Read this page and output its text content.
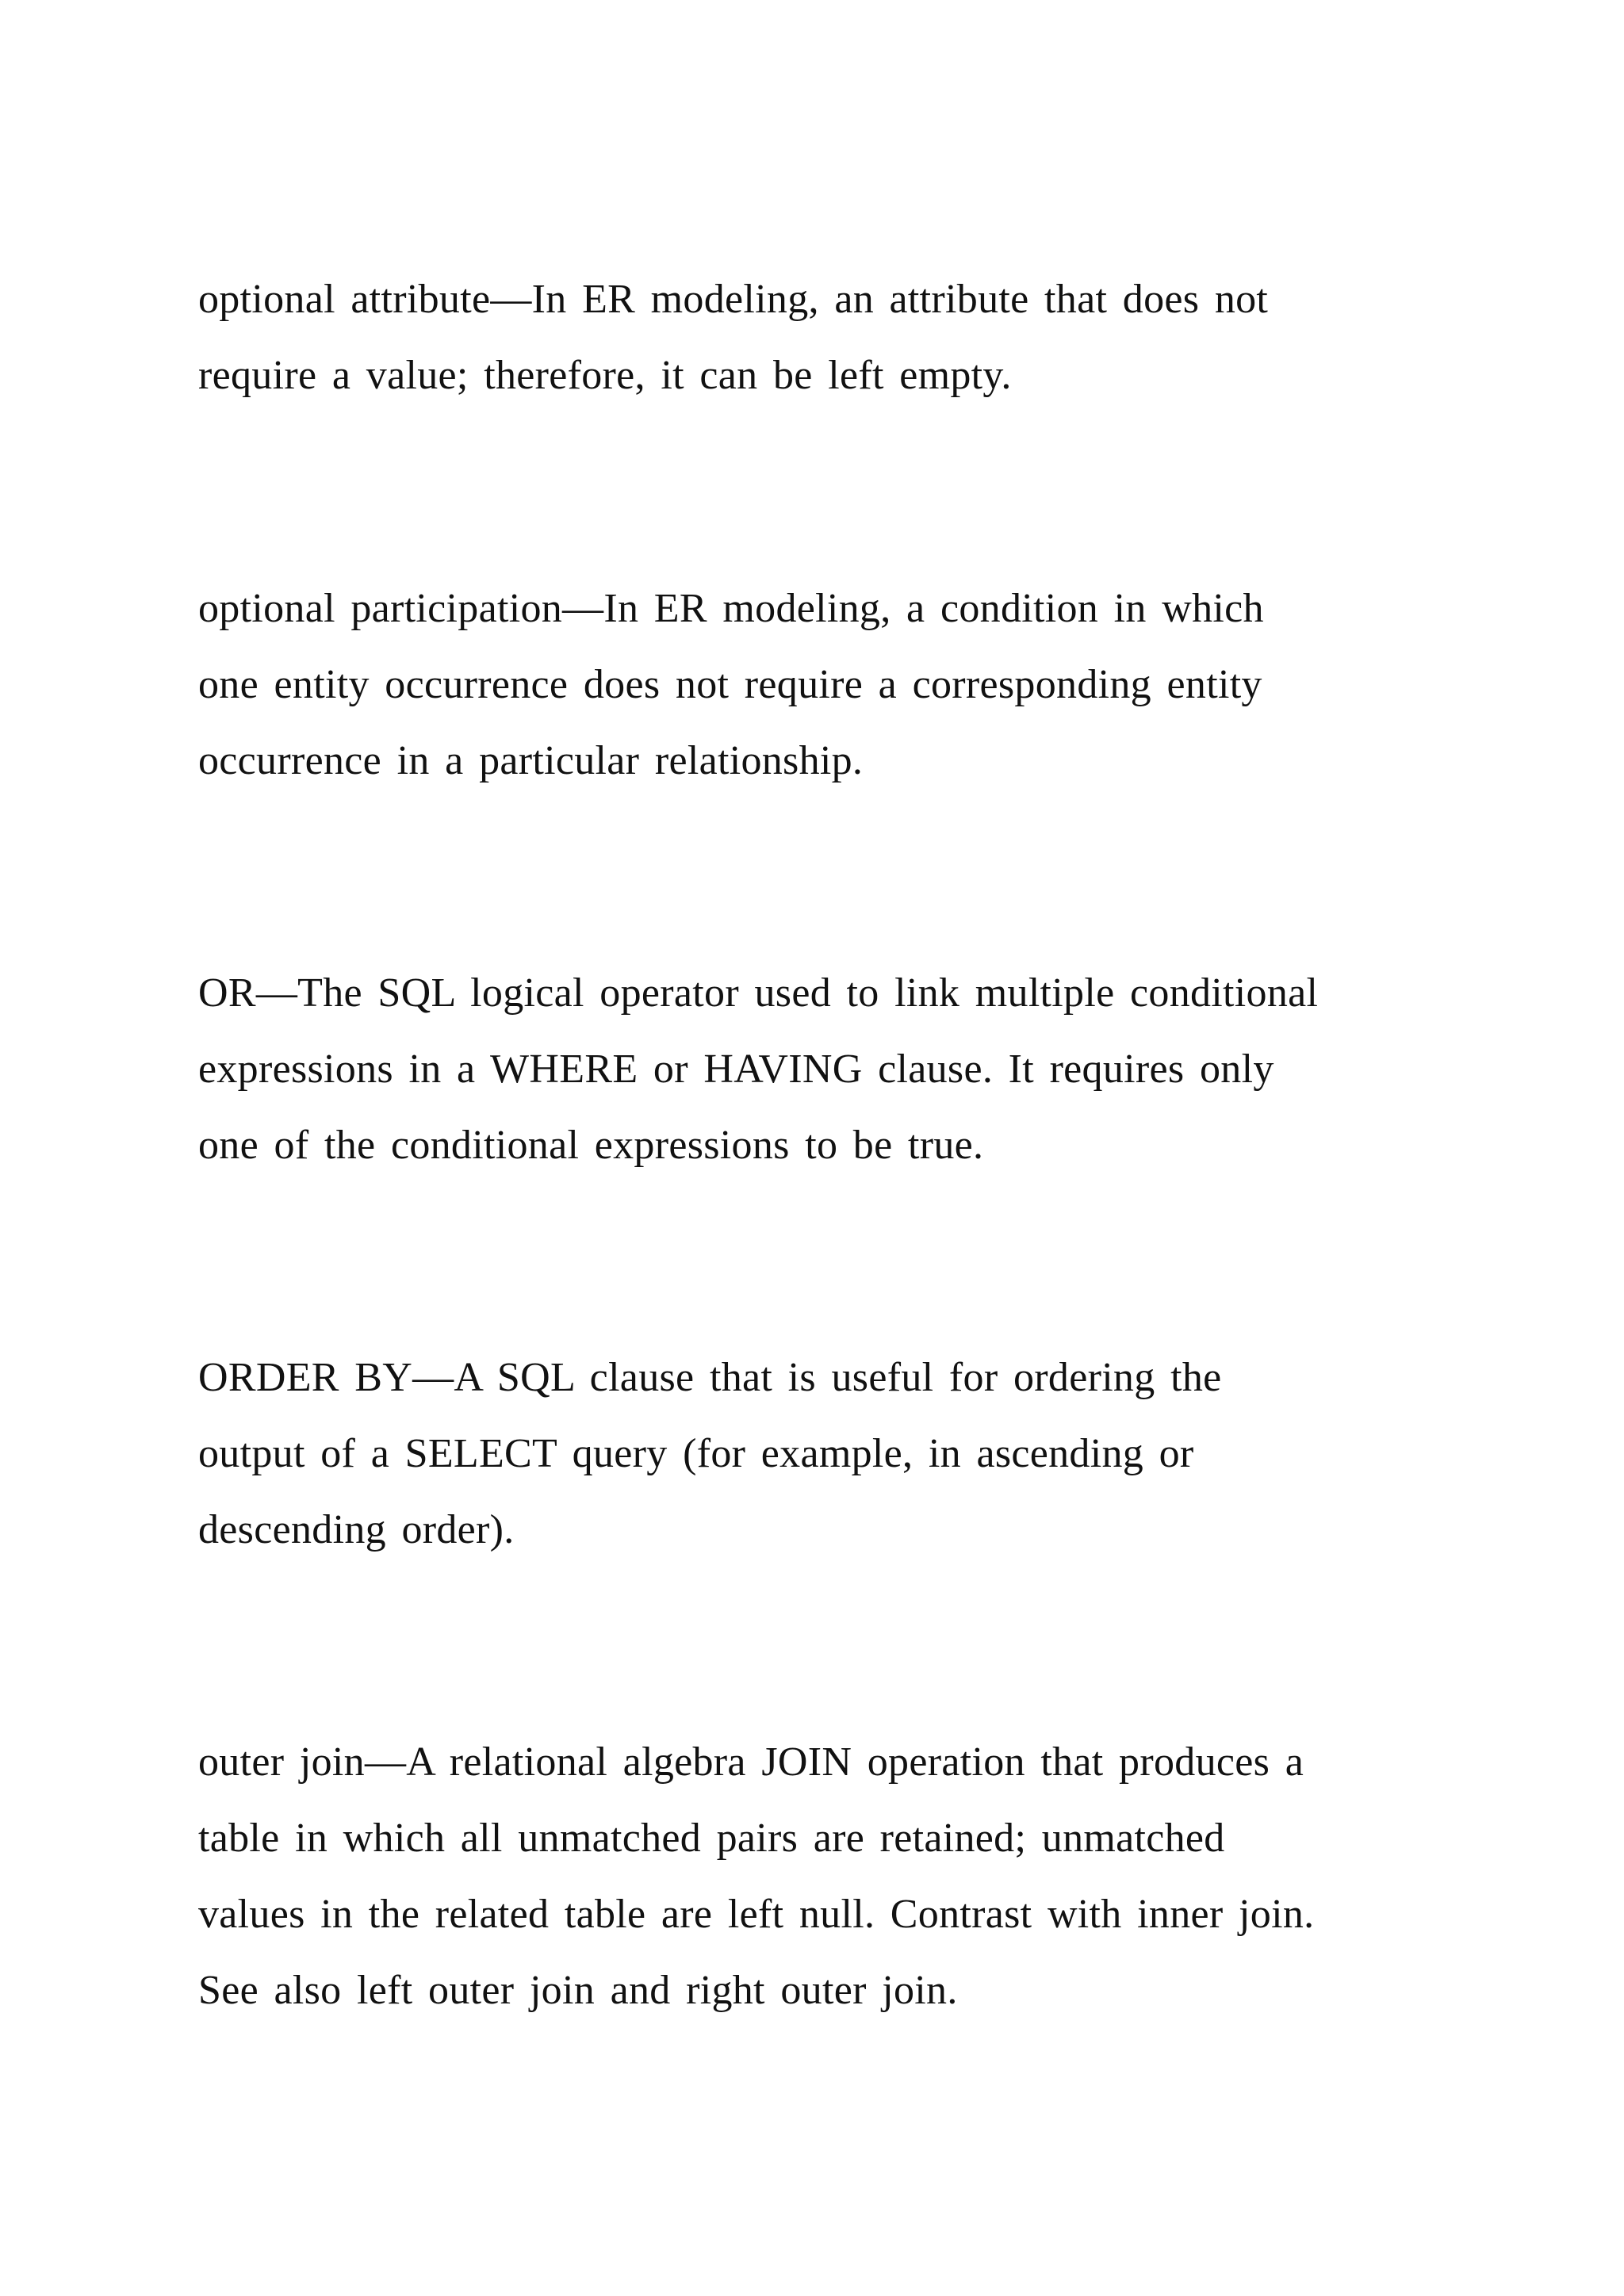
optional attribute—In ER modeling, an attribute that does not
require a value; therefore, it can be left empty.

optional participation—In ER modeling, a condition in which
one entity occurrence does not require a corresponding entity
occurrence in a particular relationship.

OR—The SQL logical operator used to link multiple conditional
expressions in a WHERE or HAVING clause. It requires only
one of the conditional expressions to be true.

ORDER BY—A SQL clause that is useful for ordering the
output of a SELECT query (for example, in ascending or
descending order).

outer join—A relational algebra JOIN operation that produces a
table in which all unmatched pairs are retained; unmatched
values in the related table are left null. Contrast with inner join.
See also left outer join and right outer join.
